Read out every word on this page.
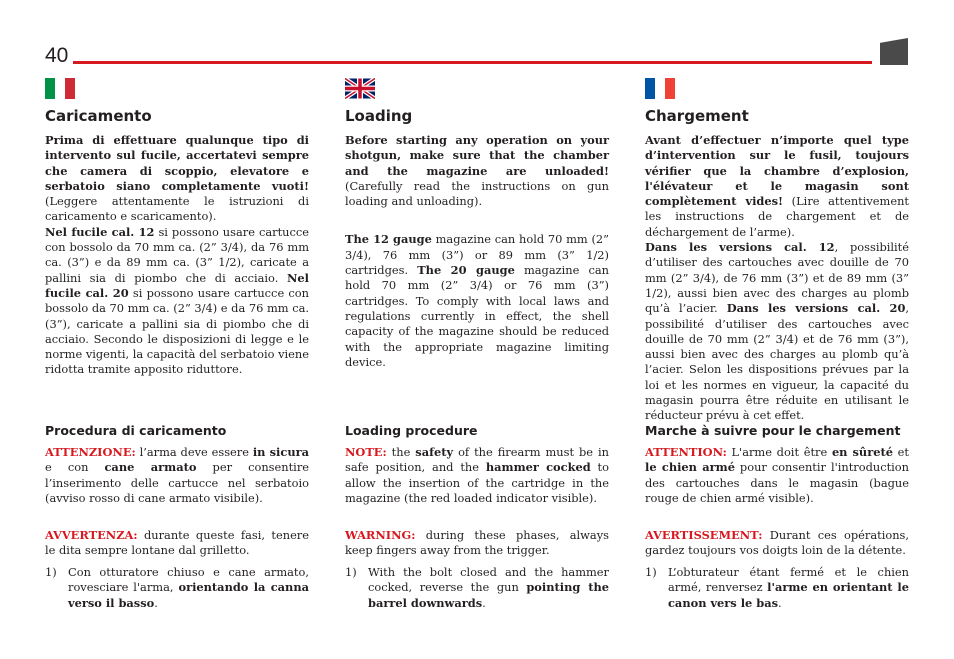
40
Caricamento

Prima di effettuare qualunque tipo di intervento sul fucile, accertatevi sempre che camera di scoppio, elevatore e serbatoio siano completamente vuoti! (Leggere attentamente le istruzioni di caricamento e scaricamento).

Nel fucile cal. 12 si possono usare cartucce con bossolo da 70 mm ca. (2” 3/4), da 76 mm ca. (3”) e da 89 mm ca. (3” 1/2), caricate a pallini sia di piombo che di acciaio. Nel fucile cal. 20 si possono usare cartucce con bossolo da 70 mm ca. (2” 3/4) e da 76 mm ca. (3”), caricate a pallini sia di piombo che di acciaio. Secondo le disposizioni di legge e le norme vigenti, la capacità del serbatoio viene ridotta tramite apposito riduttore.

Procedura di caricamento

ATTENZIONE: l’arma deve essere in sicura e con cane armato per consentire l’inserimento delle cartucce nel serbatoio (avviso rosso di cane armato visibile).

AVVERTENZA: durante queste fasi, tenere le dita sempre lontane dal grilletto.

1) Con otturatore chiuso e cane armato, rovesciare l'arma, orientando la canna verso il basso.
Loading

Before starting any operation on your shotgun, make sure that the chamber and the magazine are unloaded! (Carefully read the instructions on gun loading and unloading).

The 12 gauge magazine can hold 70 mm (2” 3/4), 76 mm (3”) or 89 mm (3” 1/2) cartridges. The 20 gauge magazine can hold 70 mm (2” 3/4) or 76 mm (3”) cartridges. To comply with local laws and regulations currently in effect, the shell capacity of the magazine should be reduced with the appropriate magazine limiting device.

Loading procedure

NOTE: the safety of the firearm must be in safe position, and the hammer cocked to allow the insertion of the cartridge in the magazine (the red loaded indicator visible).

WARNING: during these phases, always keep fingers away from the trigger.

1) With the bolt closed and the hammer cocked, reverse the gun pointing the barrel downwards.
Chargement

Avant d’effectuer n’importe quel type d’intervention sur le fusil, toujours vérifier que la chambre d’explosion, l'élévateur et le magasin sont complètement vides! (Lire attentivement les instructions de chargement et de déchargement de l’arme).

Dans les versions cal. 12, possibilité d’utiliser des cartouches avec douille de 70 mm (2” 3/4), de 76 mm (3”) et de 89 mm (3” 1/2), aussi bien avec des charges au plomb qu’à l’acier. Dans les versions cal. 20, possibilité d’utiliser des cartouches avec douille de 70 mm (2” 3/4) et de 76 mm (3”), aussi bien avec des charges au plomb qu’à l’acier. Selon les dispositions prévues par la loi et les normes en vigueur, la capacité du magasin pourra être réduite en utilisant le réducteur prévu à cet effet.

Marche à suivre pour le chargement

ATTENTION: L'arme doit être en sûreté et le chien armé pour consentir l'introduction des cartouches dans le magasin (bague rouge de chien armé visible).

AVERTISSEMENT: Durant ces opérations, gardez toujours vos doigts loin de la détente.

1) L’obturateur étant fermé et le chien armé, renversez l'arme en orientant le canon vers le bas.
